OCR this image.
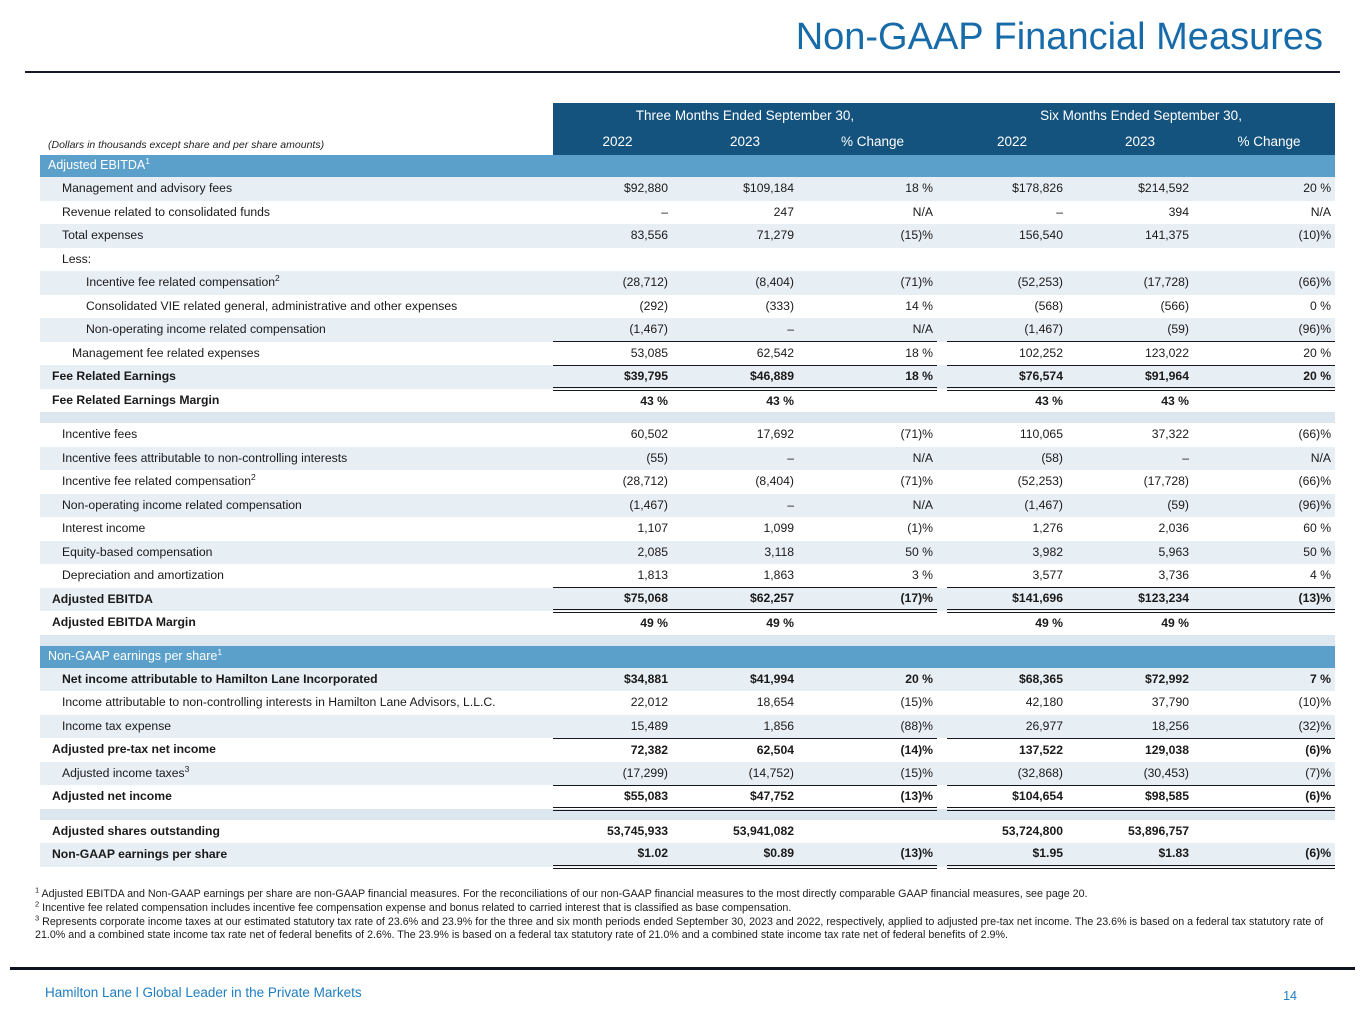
Non-GAAP Financial Measures
	Three Months Ended September 30,				Six Months Ended September 30,		
(Dollars in thousands except share and per share amounts)	2022	2023	% Change		2022	2023	% Change
Adjusted EBITDA$^1$
Management and advisory fees	$92,880	$109,184	18 %		$178,826	$214,592	20 %
Revenue related to consolidated funds	–	247	N/A		–	394	N/A
Total expenses	83,556	71,279	(15)%		156,540	141,375	(10)%
Less:							
Incentive fee related compensation$^2$	(28,712)	(8,404)	(71)%		(52,253)	(17,728)	(66)%
Consolidated VIE related general, administrative and other expenses	(292)	(333)	14 %		(568)	(566)	0 %
Non-operating income related compensation	(1,467)	–	N/A		(1,467)	(59)	(96)%
Management fee related expenses	53,085	62,542	18 %		102,252	123,022	20 %
Fee Related Earnings	$39,795	$46,889	18 %		$76,574	$91,964	20 %
Fee Related Earnings Margin	43 %	43 %			43 %	43 %	

Incentive fees	60,502	17,692	(71)%		110,065	37,322	(66)%
Incentive fees attributable to non-controlling interests	(55)	–	N/A		(58)	–	N/A
Incentive fee related compensation$^2$	(28,712)	(8,404)	(71)%		(52,253)	(17,728)	(66)%
Non-operating income related compensation	(1,467)	–	N/A		(1,467)	(59)	(96)%
Interest income	1,107	1,099	(1)%		1,276	2,036	60 %
Equity-based compensation	2,085	3,118	50 %		3,982	5,963	50 %
Depreciation and amortization	1,813	1,863	3 %		3,577	3,736	4 %
Adjusted EBITDA	$75,068	$62,257	(17)%		$141,696	$123,234	(13)%
Adjusted EBITDA Margin	49 %	49 %			49 %	49 %	

Non-GAAP earnings per share$^1$
Net income attributable to Hamilton Lane Incorporated	$34,881	$41,994	20 %		$68,365	$72,992	7 %
Income attributable to non-controlling interests in Hamilton Lane Advisors, L.L.C.	22,012	18,654	(15)%		42,180	37,790	(10)%
Income tax expense	15,489	1,856	(88)%		26,977	18,256	(32)%
Adjusted pre-tax net income	72,382	62,504	(14)%		137,522	129,038	(6)%
Adjusted income taxes$^3$	(17,299)	(14,752)	(15)%		(32,868)	(30,453)	(7)%
Adjusted net income	$55,083	$47,752	(13)%		$104,654	$98,585	(6)%

Adjusted shares outstanding	53,745,933	53,941,082			53,724,800	53,896,757	
Non-GAAP earnings per share	$1.02	$0.89	(13)%		$1.95	$1.83	(6)%

$^1$ Adjusted EBITDA and Non-GAAP earnings per share are non-GAAP financial measures. For the reconciliations of our non-GAAP financial measures to the most directly comparable GAAP financial measures, see page 20.

$^2$ Incentive fee related compensation includes incentive fee compensation expense and bonus related to carried interest that is classified as base compensation.

$^3$ Represents corporate income taxes at our estimated statutory tax rate of 23.6% and 23.9% for the three and six month periods ended September 30, 2023 and 2022, respectively, applied to adjusted pre-tax net income. The 23.6% is based on a federal tax statutory rate of 21.0% and a combined state income tax rate net of federal benefits of 2.6%. The 23.9% is based on a federal tax statutory rate of 21.0% and a combined state income tax rate net of federal benefits of 2.9%.

Hamilton Lane l Global Leader in the Private Markets	14
